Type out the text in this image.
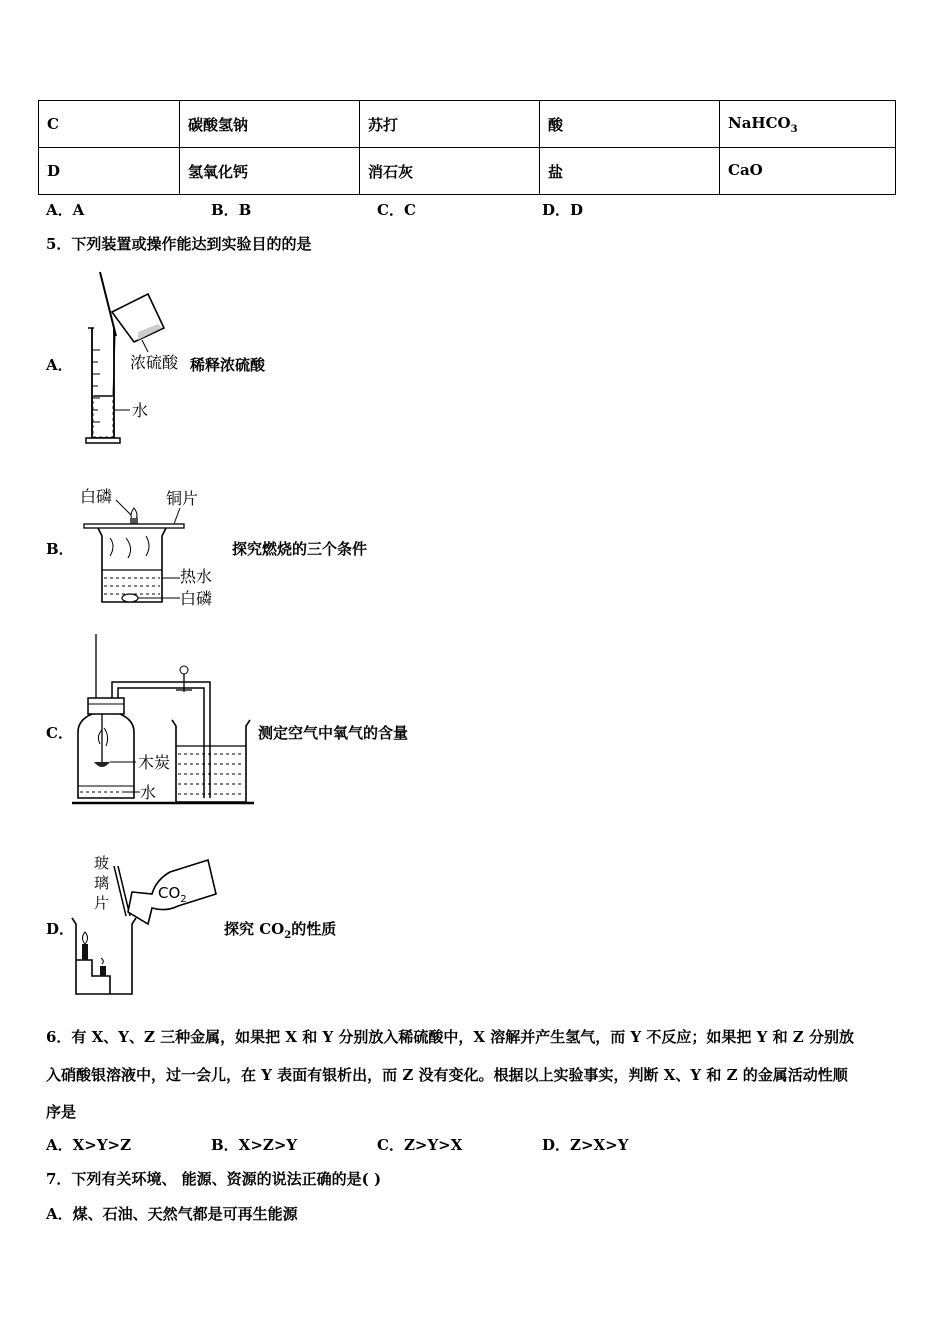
C	碳酸氢钠	苏打	酸	NaHCO$_3$
D	氢氧化钙	消石灰	盐	CaO
A．A	B．B	C．C	D．D
5．下列装置或操作能达到实验目的的是
A．	浓硫酸
水
稀释浓硫酸
B．
白磷	铜片
热水
白磷
探究燃烧的三个条件
C．
木炭
水
测定空气中氧气的含量
D．
玻
璃
片
$CO_2$
探究 $CO_2$的性质
6．有 X、Y、Z 三种金属，如果把 X 和 Y 分别放入稀硫酸中，X 溶解并产生氢气，而 Y 不反应；如果把 Y 和 Z 分别放
入硝酸银溶液中，过一会儿，在 Y 表面有银析出，而 Z 没有变化。根据以上实验事实，判断 X、Y 和 Z 的金属活动性顺
序是
A．X>Y>Z	B．X>Z>Y	C．Z>Y>X	D．Z>X>Y
7．下列有关环境、 能源、资源的说法正确的是( )
A．煤、石油、天然气都是可再生能源
